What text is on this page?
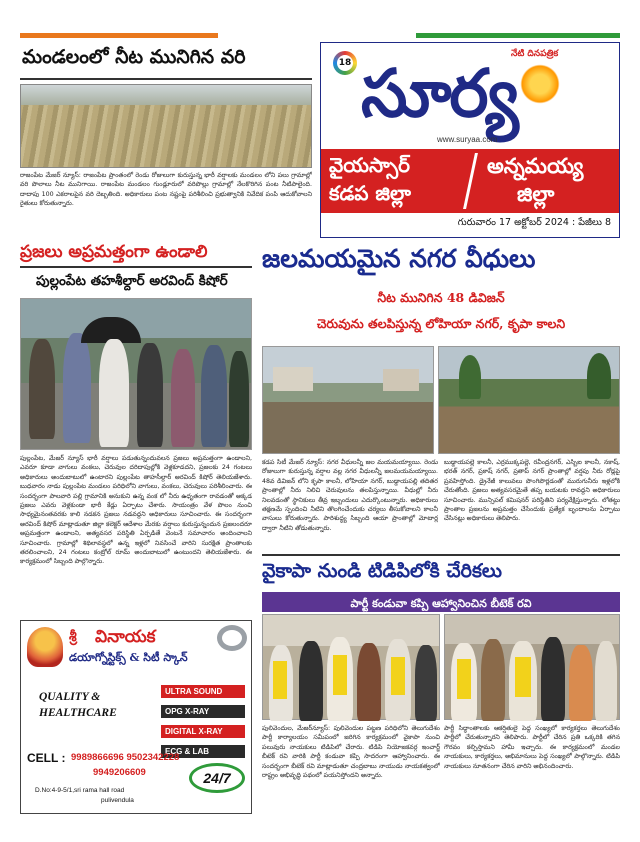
మండలంలో నీట మునిగిన వరి
రాజంపేట మేజర్ న్యూస్: రాజంపేట ప్రాంతంలో రెండు రోజులుగా కురుస్తున్న భారీ వర్షాలకు మండలం లోని పలు గ్రామాల్లో వరి పొలాలు నీట మునిగాయి. రాజంపేట మండలం గుండ్లూరులో వరిపొల్లు గ్రామాల్లో నేలకొరిగిన పంట నీటిపాలైంది. దాదాపు 100 ఎకరాలపైన వరి దెబ్బతింది. అధికారులు పంట నష్టంపై పరిశీలించి ప్రభుత్వానికి నివేదిక పంపి ఆదుకోవాలని రైతులు కోరుతున్నారు.
18
నేటి దినపత్రిక
సూర్య
www.suryaa.com
వైయస్సార్
కడప జిల్లా
అన్నమయ్య
జిల్లా
గురువారం 17 అక్టోబర్ 2024 : పేజీలు 8
ప్రజలు అప్రమత్తంగా ఉండాలి
పుల్లంపేట తహశీల్దార్ అరవింద్ కిషోర్
పుల్లంపేట, మేజర్ న్యూస్ భారీ వర్షాలు పడుతున్నందువలన ప్రజలు అప్రమత్తంగా ఉండాలని, ఎవరూ కూడా వాగులు వంకలు, చెరువుల దరిదాపుల్లోకి వెళ్లకూడదని, ప్రజలకు 24 గంటలు అధికారులు అందుబాటులో ఉంటారని పుల్లంపేట తాహసీల్దార్ అరవింద్ కిషోర్ తెలియజేశారు. బుధవారం నాడు పుల్లంపేట మండలం పరిధిలోని వాగులు, వంకలు, చెరువులు పరిశీలించారు. ఈ సందర్భంగా పాలవారి పల్లి గ్రామానికి అనుకుని ఉన్న వంక లో నీరు ఉధృతంగా రావడంతో అక్కడ ప్రజలు ఎవరు వెళ్లకుండా భారీ కేడ్లు ఏర్పాటు చేశారు. సాయంత్రం వేళ పొలం నుంచి సాధ్యమైనంతవరకు కాలి నడకన ప్రజలు నడవద్దని అధికారులు సూచించారు. ఈ సందర్భంగా అరవింద్ కిషోర్ మాట్లాడుతూ జిల్లా కలెక్టర్ ఆదేశాల మేరకు వర్షాలు కురుస్తున్నందున ప్రజలందరూ అప్రమత్తంగా ఉండాలని, అత్యవసర పరిస్థితి ఏర్పడితే వెంటనే సమాచారం అందించాలని సూచించారు. గ్రామాల్లో శిథిలావస్థలో ఉన్న ఇళ్లలో నివసించే వారిని సురక్షిత ప్రాంతాలకు తరలించాలని, 24 గంటలు కంట్రోల్ రూమ్ అందుబాటులో ఉంటుందని తెలియజేశారు. ఈ కార్యక్రమంలో సిబ్బంది పాల్గొన్నారు.
జలమయమైన నగర వీధులు
నీట మునిగిన 48 డివిజన్
చెరువును తలపిస్తున్న లోహియా నగర్, కృపా కాలని
కడప సిటీ మేజర్ న్యూస్: నగర వీధులన్నీ జల మయమయ్యాయి. రెండు రోజులుగా కురుస్తున్న వర్షాల వల్ల నగర వీధులన్నీ జలమయమయ్యాయి. 48వ డివిజన్ లోని కృపా కాలనీ, లోహియా నగర్, బుడ్డాయపల్లి తదితర ప్రాంతాల్లో నీరు నిలిచి చెరువులను తలపిస్తున్నాయి. వీధుల్లో నీరు నిలవడంతో స్థానికులు తీవ్ర ఇబ్బందులు ఎదుర్కొంటున్నారు. అధికారులు తక్షణమే స్పందించి నీటిని తొలగించేందుకు చర్యలు తీసుకోవాలని కాలనీ వాసులు కోరుతున్నారు. పారిశుద్ధ్య సిబ్బంది ఆయా ప్రాంతాల్లో మోటార్ల ద్వారా నీటిని తోడుతున్నారు.
బుడ్డాయపల్లె కాలనీ, ఎర్రముక్కపల్లె, రవీంద్రనగర్, ఎస్బిఐ కాలనీ, నకాష్, భరత్ నగర్, ప్రకాష్ నగర్, ప్రతాప్ నగర్ ప్రాంతాల్లో వర్షపు నీరు రోడ్లపై ప్రవహిస్తోంది. డ్రైనేజీ కాలువలు పొంగిపొర్లడంతో మురుగునీరు ఇళ్లలోకి చేరుతోంది. ప్రజలు అత్యవసరమైతే తప్ప బయటకు రావద్దని అధికారులు సూచించారు. మున్సిపల్ కమిషనర్ పరిస్థితిని పర్యవేక్షిస్తున్నారు. లోతట్టు ప్రాంతాల ప్రజలను అప్రమత్తం చేసేందుకు ప్రత్యేక బృందాలను ఏర్పాటు చేసినట్లు అధికారులు తెలిపారు.
వైకాపా నుండి టిడిపిలోకి చేరికలు
పార్టీ కండువా కప్పి ఆహ్వానించిన బీటెక్ రవి
పులివెందుల, మేజర్‌న్యూస్: పులివెందుల పట్టణ పరిధిలోని తెలుగుదేశం పార్టీ కార్యాలయం సమీపంలో జరిగిన కార్యక్రమంలో వైకాపా నుంచి పలువురు నాయకులు టిడిపిలో చేరారు. టిడిపి నియోజకవర్గ ఇంచార్జ్ బీటెక్ రవి వారికి పార్టీ కండువా కప్పి సాదరంగా ఆహ్వానించారు. ఈ సందర్భంగా బీటెక్ రవి మాట్లాడుతూ చంద్రబాబు నాయుడు నాయకత్వంలో రాష్ట్రం అభివృద్ధి పథంలో పయనిస్తోందని అన్నారు.
పార్టీ సిద్ధాంతాలకు ఆకర్షితులై పెద్ద సంఖ్యలో కార్యకర్తలు తెలుగుదేశం పార్టీలో చేరుతున్నారని తెలిపారు. పార్టీలో చేరిన ప్రతి ఒక్కరికి తగిన గౌరవం కల్పిస్తామని హామీ ఇచ్చారు. ఈ కార్యక్రమంలో మండల నాయకులు, కార్యకర్తలు, అభిమానులు పెద్ద సంఖ్యలో పాల్గొన్నారు. టిడిపి నాయకులు నూతనంగా చేరిన వారిని అభినందించారు.
శ్రీ వినాయక
డయాగ్నోస్టిక్స్ & సిటీ స్కాన్
QUALITY &
HEALTHCARE
ULTRA SOUND OPG X-RAY DIGITAL X-RAY ECG & LAB
CELL : 9989866696 9502342228
9949206609	24/7
D.No:4-9-5/1,sri rama hall road
pulivendula
